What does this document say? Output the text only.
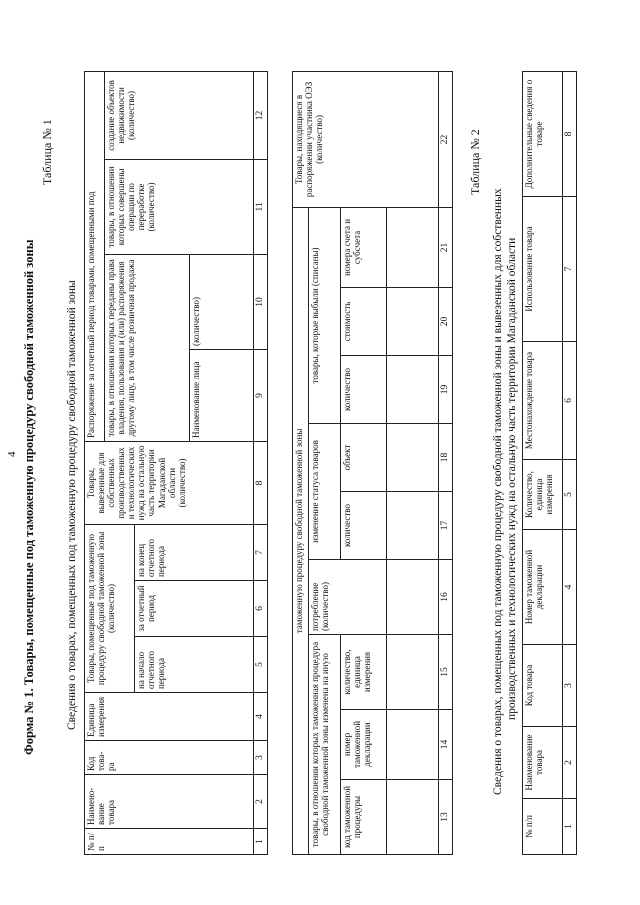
4 Форма № 1. Товары, помещенные под таможенную процедуру свободной таможенной зоны
Таблица № 1
Сведения о товарах, помещенных под таможенную процедуру свободной таможенной зоны
№ п/п	Наимено-вание товара	Код това-ра	Единица измерения	Товары, помещенные под таможенную процедуру свободной таможенной зоны (количество)			Товары, вывезенные для собственных производственных и технологических нужд на остальную часть территории Магаданской области (количество)	Распоряжение за отчетный период товарами, помещенными под			
								товары, в отношении которых переданы права владения, пользования и (или) распоряжения другому лицу, в том числе розничная продажа		товары, в отношении которых совершены операции по переработке (количество)	создание объектов недвижимости (количество)
				на начало отчетного периода	за отчетный период	на конец отчетного периода					
								Наименование лица	(количество)		
1	2	3	4	5	6	7	8	9	10	11	12
таможенную процедуру свободной таможенной зоны									Товары, находящиеся в распоряжении участника ОЭЗ (количество)
товары, в отношении которых таможенная процедура свободной таможенной зоны изменена на иную			потребление (количество)	изменение статуса товаров		товары, которые выбыли (списаны)			
код таможенной процедуры	номер таможенной декларации	количество, единица измерения		количество	объект	количество	стоимость	номера счета и субсчета	

13	14	15	16	17	18	19	20	21	22 Таблица № 2
Сведения о товарах, помещенных под таможенную процедуру свободной таможенной зоны и вывезенных для собственных производственных и технологических нужд на остальную часть территории Магаданской области
№ п/п	Наименование товара	Код товара	Номер таможенной декларации	Количество, единица измерения	Местонахождение товара	Использование товара	Дополнительные сведения о товаре
1	2	3	4	5	6	7	8
